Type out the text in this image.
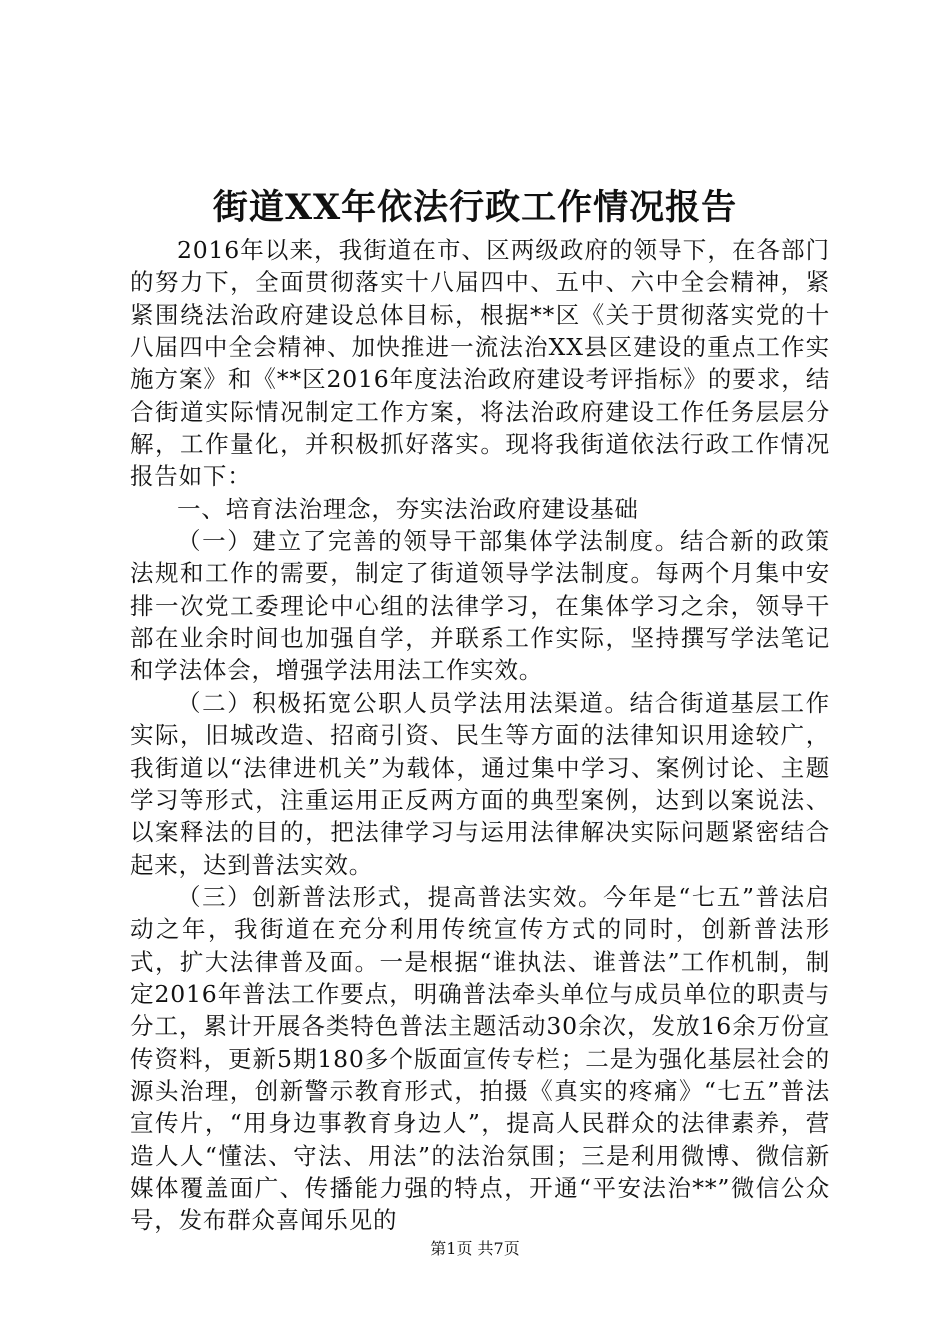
街道XX年依法行政工作情况报告

2016年以来，我街道在市、区两级政府的领导下，在各部门的努力下，全面贯彻落实十八届四中、五中、六中全会精神，紧紧围绕法治政府建设总体目标，根据**区《关于贯彻落实党的十八届四中全会精神、加快推进一流法治XX县区建设的重点工作实施方案》和《**区2016年度法治政府建设考评指标》的要求，结合街道实际情况制定工作方案，将法治政府建设工作任务层层分解，工作量化，并积极抓好落实。现将我街道依法行政工作情况报告如下：

一、培育法治理念，夯实法治政府建设基础

（一）建立了完善的领导干部集体学法制度。结合新的政策法规和工作的需要，制定了街道领导学法制度。每两个月集中安排一次党工委理论中心组的法律学习，在集体学习之余，领导干部在业余时间也加强自学，并联系工作实际，坚持撰写学法笔记和学法体会，增强学法用法工作实效。

（二）积极拓宽公职人员学法用法渠道。结合街道基层工作实际，旧城改造、招商引资、民生等方面的法律知识用途较广，我街道以“法律进机关”为载体，通过集中学习、案例讨论、主题学习等形式，注重运用正反两方面的典型案例，达到以案说法、以案释法的目的，把法律学习与运用法律解决实际问题紧密结合起来，达到普法实效。

（三）创新普法形式，提高普法实效。今年是“七五”普法启动之年，我街道在充分利用传统宣传方式的同时，创新普法形式，扩大法律普及面。一是根据“谁执法、谁普法”工作机制，制定2016年普法工作要点，明确普法牵头单位与成员单位的职责与分工，累计开展各类特色普法主题活动30余次，发放16余万份宣传资料，更新5期180多个版面宣传专栏；二是为强化基层社会的源头治理，创新警示教育形式，拍摄《真实的疼痛》“七五”普法宣传片，“用身边事教育身边人”，提高人民群众的法律素养，营造人人“懂法、守法、用法”的法治氛围；三是利用微博、微信新媒体覆盖面广、传播能力强的特点，开通“平安法治**”微信公众号，发布群众喜闻乐见的

第1页 共7页
